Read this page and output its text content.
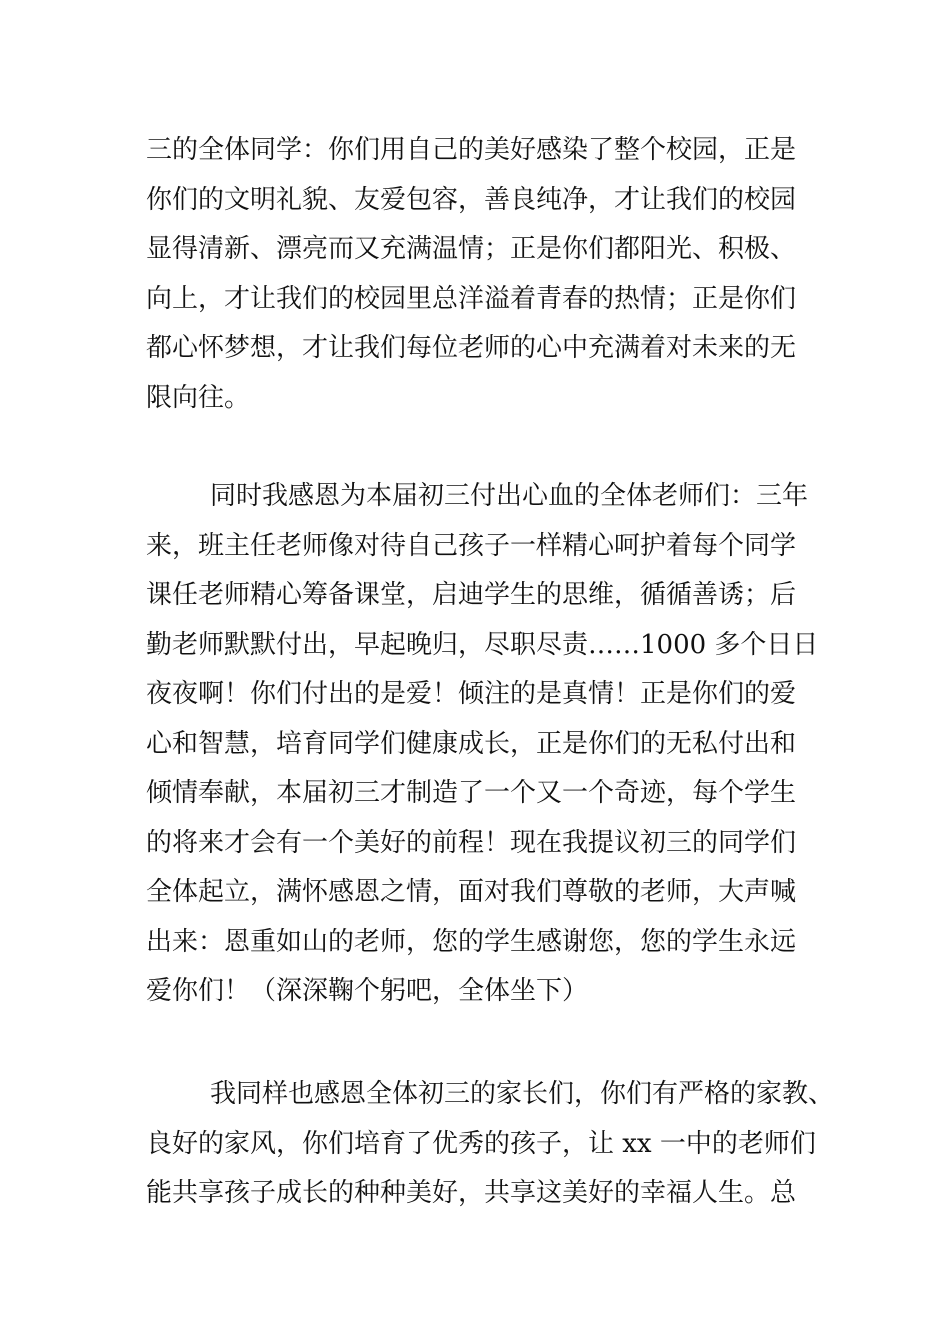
三的全体同学：你们用自己的美好感染了整个校园，正是
你们的文明礼貌、友爱包容，善良纯净，才让我们的校园
显得清新、漂亮而又充满温情；正是你们都阳光、积极、
向上，才让我们的校园里总洋溢着青春的热情；正是你们
都心怀梦想，才让我们每位老师的心中充满着对未来的无
限向往。
同时我感恩为本届初三付出心血的全体老师们：三年
来，班主任老师像对待自己孩子一样精心呵护着每个同学
课任老师精心筹备课堂，启迪学生的思维，循循善诱；后
勤老师默默付出，早起晚归，尽职尽责……1000 多个日日
夜夜啊！你们付出的是爱！倾注的是真情！正是你们的爱
心和智慧，培育同学们健康成长，正是你们的无私付出和
倾情奉献，本届初三才制造了一个又一个奇迹，每个学生
的将来才会有一个美好的前程！现在我提议初三的同学们
全体起立，满怀感恩之情，面对我们尊敬的老师，大声喊
出来：恩重如山的老师，您的学生感谢您，您的学生永远
爱你们！（深深鞠个躬吧，全体坐下）
我同样也感恩全体初三的家长们，你们有严格的家教、
良好的家风，你们培育了优秀的孩子，让 xx 一中的老师们
能共享孩子成长的种种美好，共享这美好的幸福人生。总
